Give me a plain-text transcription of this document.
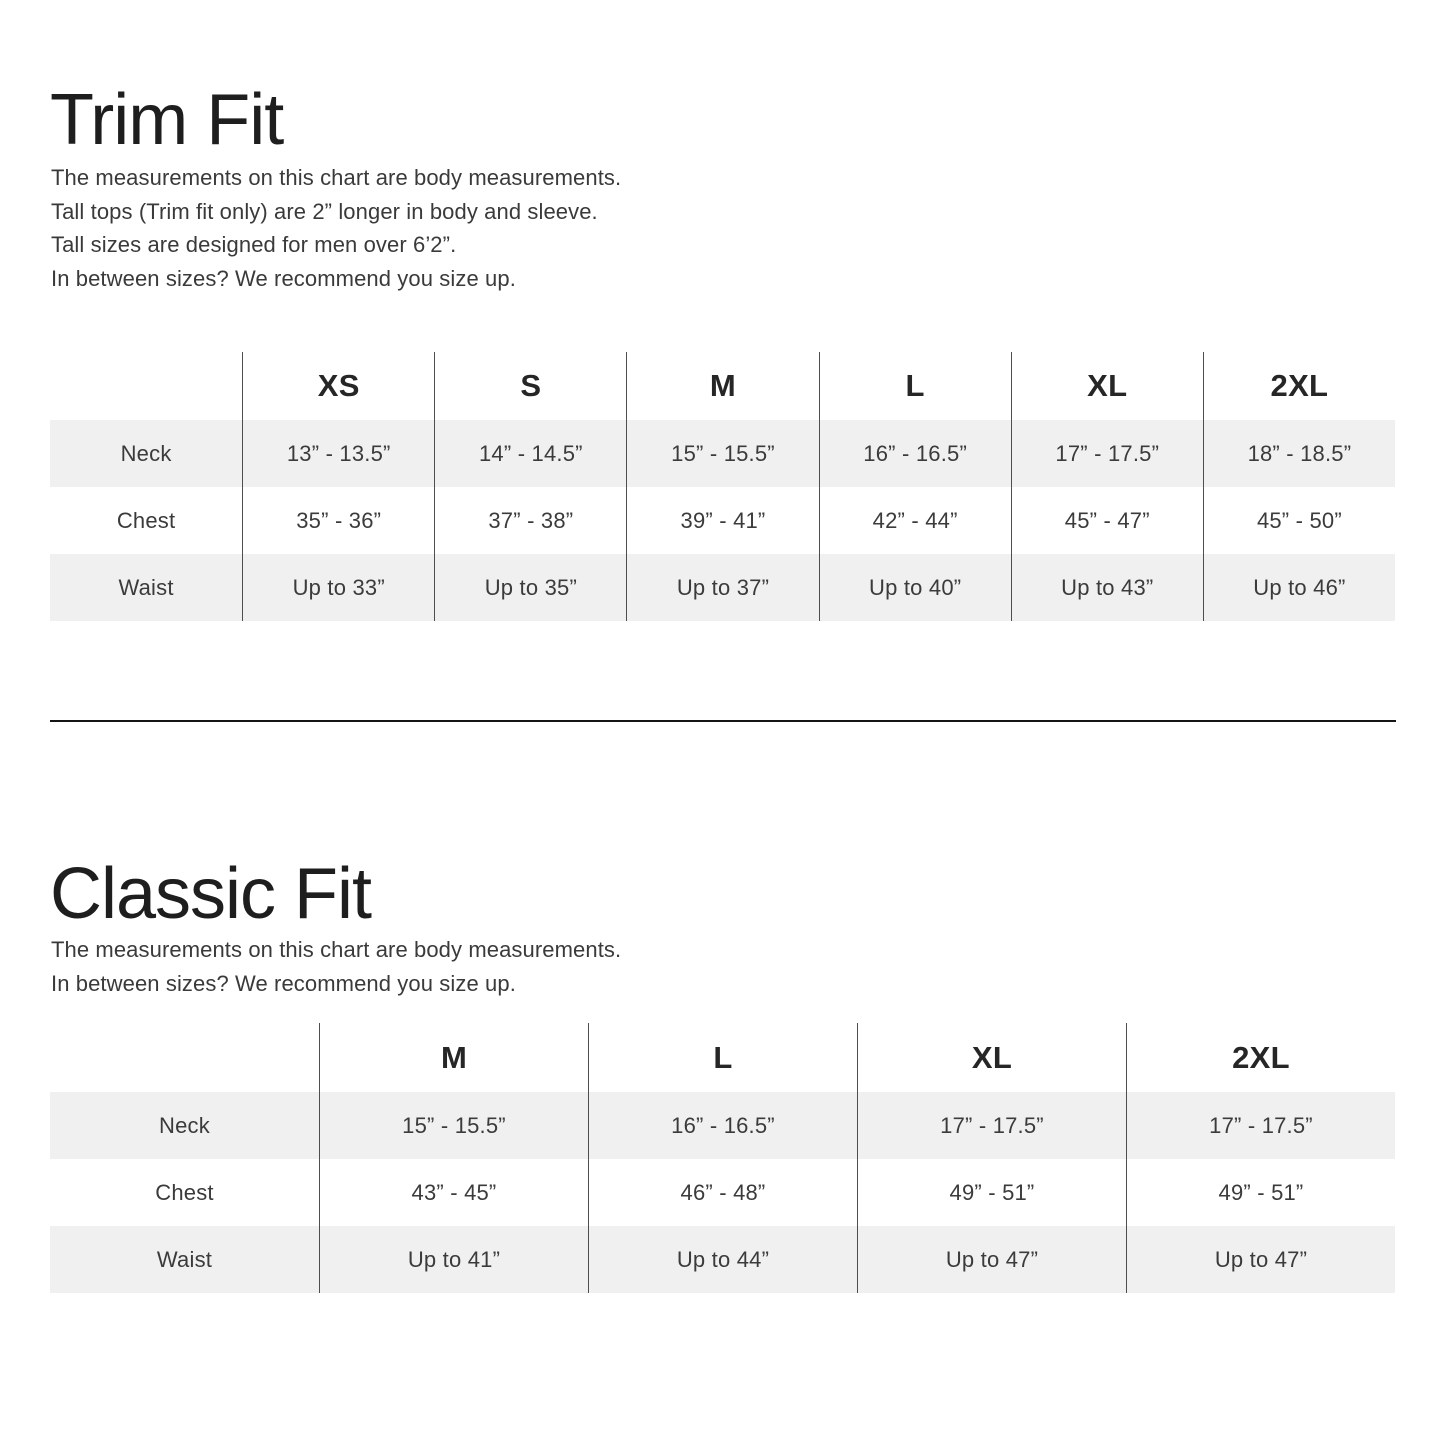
Trim Fit
The measurements on this chart are body measurements.
Tall tops (Trim fit only) are 2” longer in body and sleeve.
Tall sizes are designed for men over 6’2”.
In between sizes? We recommend you size up.
XS	S	M	L	XL	2XL
Neck	13” - 13.5”	14” - 14.5”	15” - 15.5”	16” - 16.5”	17” - 17.5”	18” - 18.5”
Chest	35” - 36”	37” - 38”	39” - 41”	42” - 44”	45” - 47”	45” - 50”
Waist	Up to 33”	Up to 35”	Up to 37”	Up to 40”	Up to 43”	Up to 46”
Classic Fit
The measurements on this chart are body measurements.
In between sizes? We recommend you size up.
M	L	XL	2XL
Neck	15” - 15.5”	16” - 16.5”	17” - 17.5”	17” - 17.5”
Chest	43” - 45”	46” - 48”	49” - 51”	49” - 51”
Waist	Up to 41”	Up to 44”	Up to 47”	Up to 47”
